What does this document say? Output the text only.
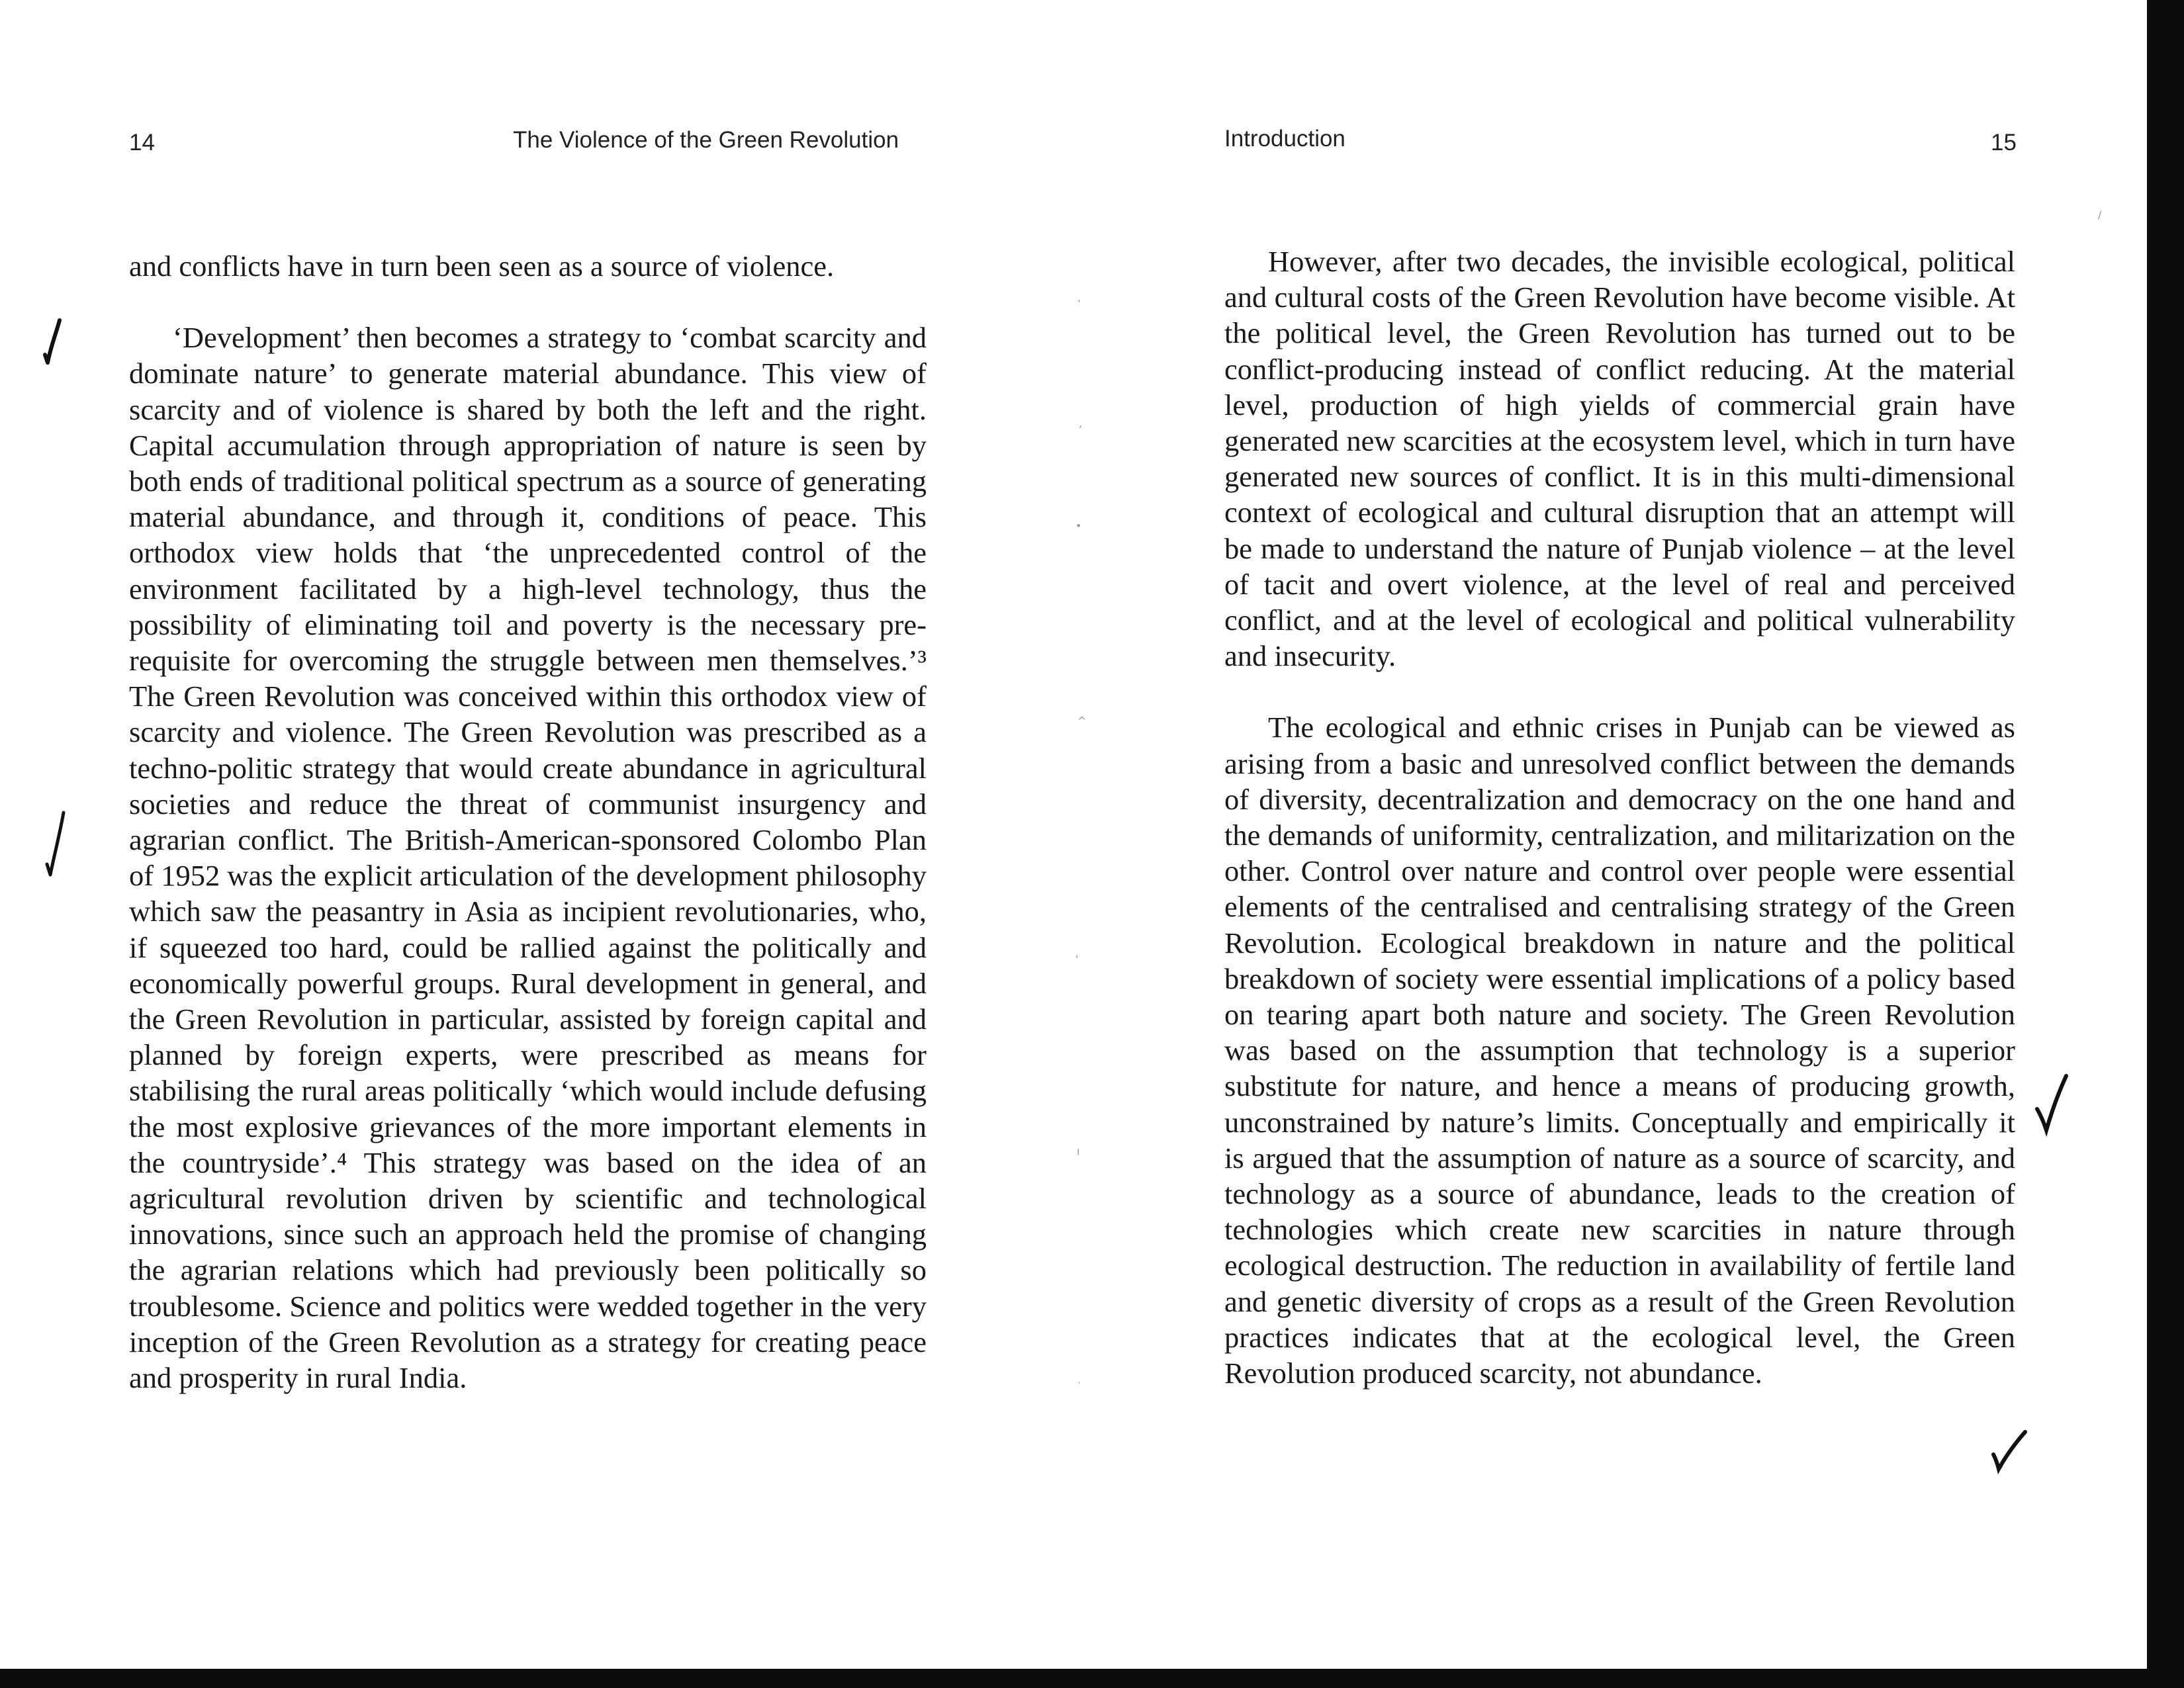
14	The Violence of the Green Revolution

and conflicts have in turn been seen as a source of violence.

‘Development’ then becomes a strategy to ‘combat scarcity and dominate nature’ to generate material abundance. This view of scarcity and of violence is shared by both the left and the right. Capital accumulation through appropriation of nature is seen by both ends of traditional political spectrum as a source of generating material abundance, and through it, conditions of peace. This orthodox view holds that ‘the unprecedented control of the environment facilitated by a high-level technology, thus the possibility of eliminating toil and poverty is the necessary pre-requisite for overcoming the struggle between men themselves.’³ The Green Revolution was conceived within this orthodox view of scarcity and violence. The Green Revolution was prescribed as a techno-politic strategy that would create abundance in agricultural societies and reduce the threat of communist insurgency and agrarian conflict. The British-American-sponsored Colombo Plan of 1952 was the explicit articulation of the development philosophy which saw the peasantry in Asia as incipient revolutionaries, who, if squeezed too hard, could be rallied against the politically and economically powerful groups. Rural development in general, and the Green Revolution in particular, assisted by foreign capital and planned by foreign experts, were prescribed as means for stabilising the rural areas politically ‘which would include defusing the most explosive grievances of the more important elements in the countryside’.⁴ This strategy was based on the idea of an agricultural revolution driven by scientific and technological innovations, since such an approach held the promise of changing the agrarian relations which had previously been politically so troublesome. Science and politics were wedded together in the very inception of the Green Revolution as a strategy for creating peace and prosperity in rural India.

Introduction	15

However, after two decades, the invisible ecological, political and cultural costs of the Green Revolution have become visible. At the political level, the Green Revolution has turned out to be conflict-producing instead of conflict reducing. At the material level, production of high yields of commercial grain have generated new scarcities at the ecosystem level, which in turn have generated new sources of conflict. It is in this multi-dimensional context of ecological and cultural disruption that an attempt will be made to understand the nature of Punjab violence – at the level of tacit and overt violence, at the level of real and perceived conflict, and at the level of ecological and political vulnerability and insecurity.

The ecological and ethnic crises in Punjab can be viewed as arising from a basic and unresolved conflict between the demands of diversity, decentralization and democracy on the one hand and the demands of uniformity, centralization, and militarization on the other. Control over nature and control over people were essential elements of the centralised and centralising strategy of the Green Revolution. Ecological breakdown in nature and the political breakdown of society were essential implications of a policy based on tearing apart both nature and society. The Green Revolution was based on the assumption that technology is a superior substitute for nature, and hence a means of producing growth, unconstrained by nature’s limits. Conceptually and empirically it is argued that the assumption of nature as a source of scarcity, and technology as a source of abundance, leads to the creation of technologies which create new scarcities in nature through ecological destruction. The reduction in availability of fertile land and genetic diversity of crops as a result of the Green Revolution practices indicates that at the ecological level, the Green Revolution produced scarcity, not abundance.

,
,
•
^
'
ı
·
/
